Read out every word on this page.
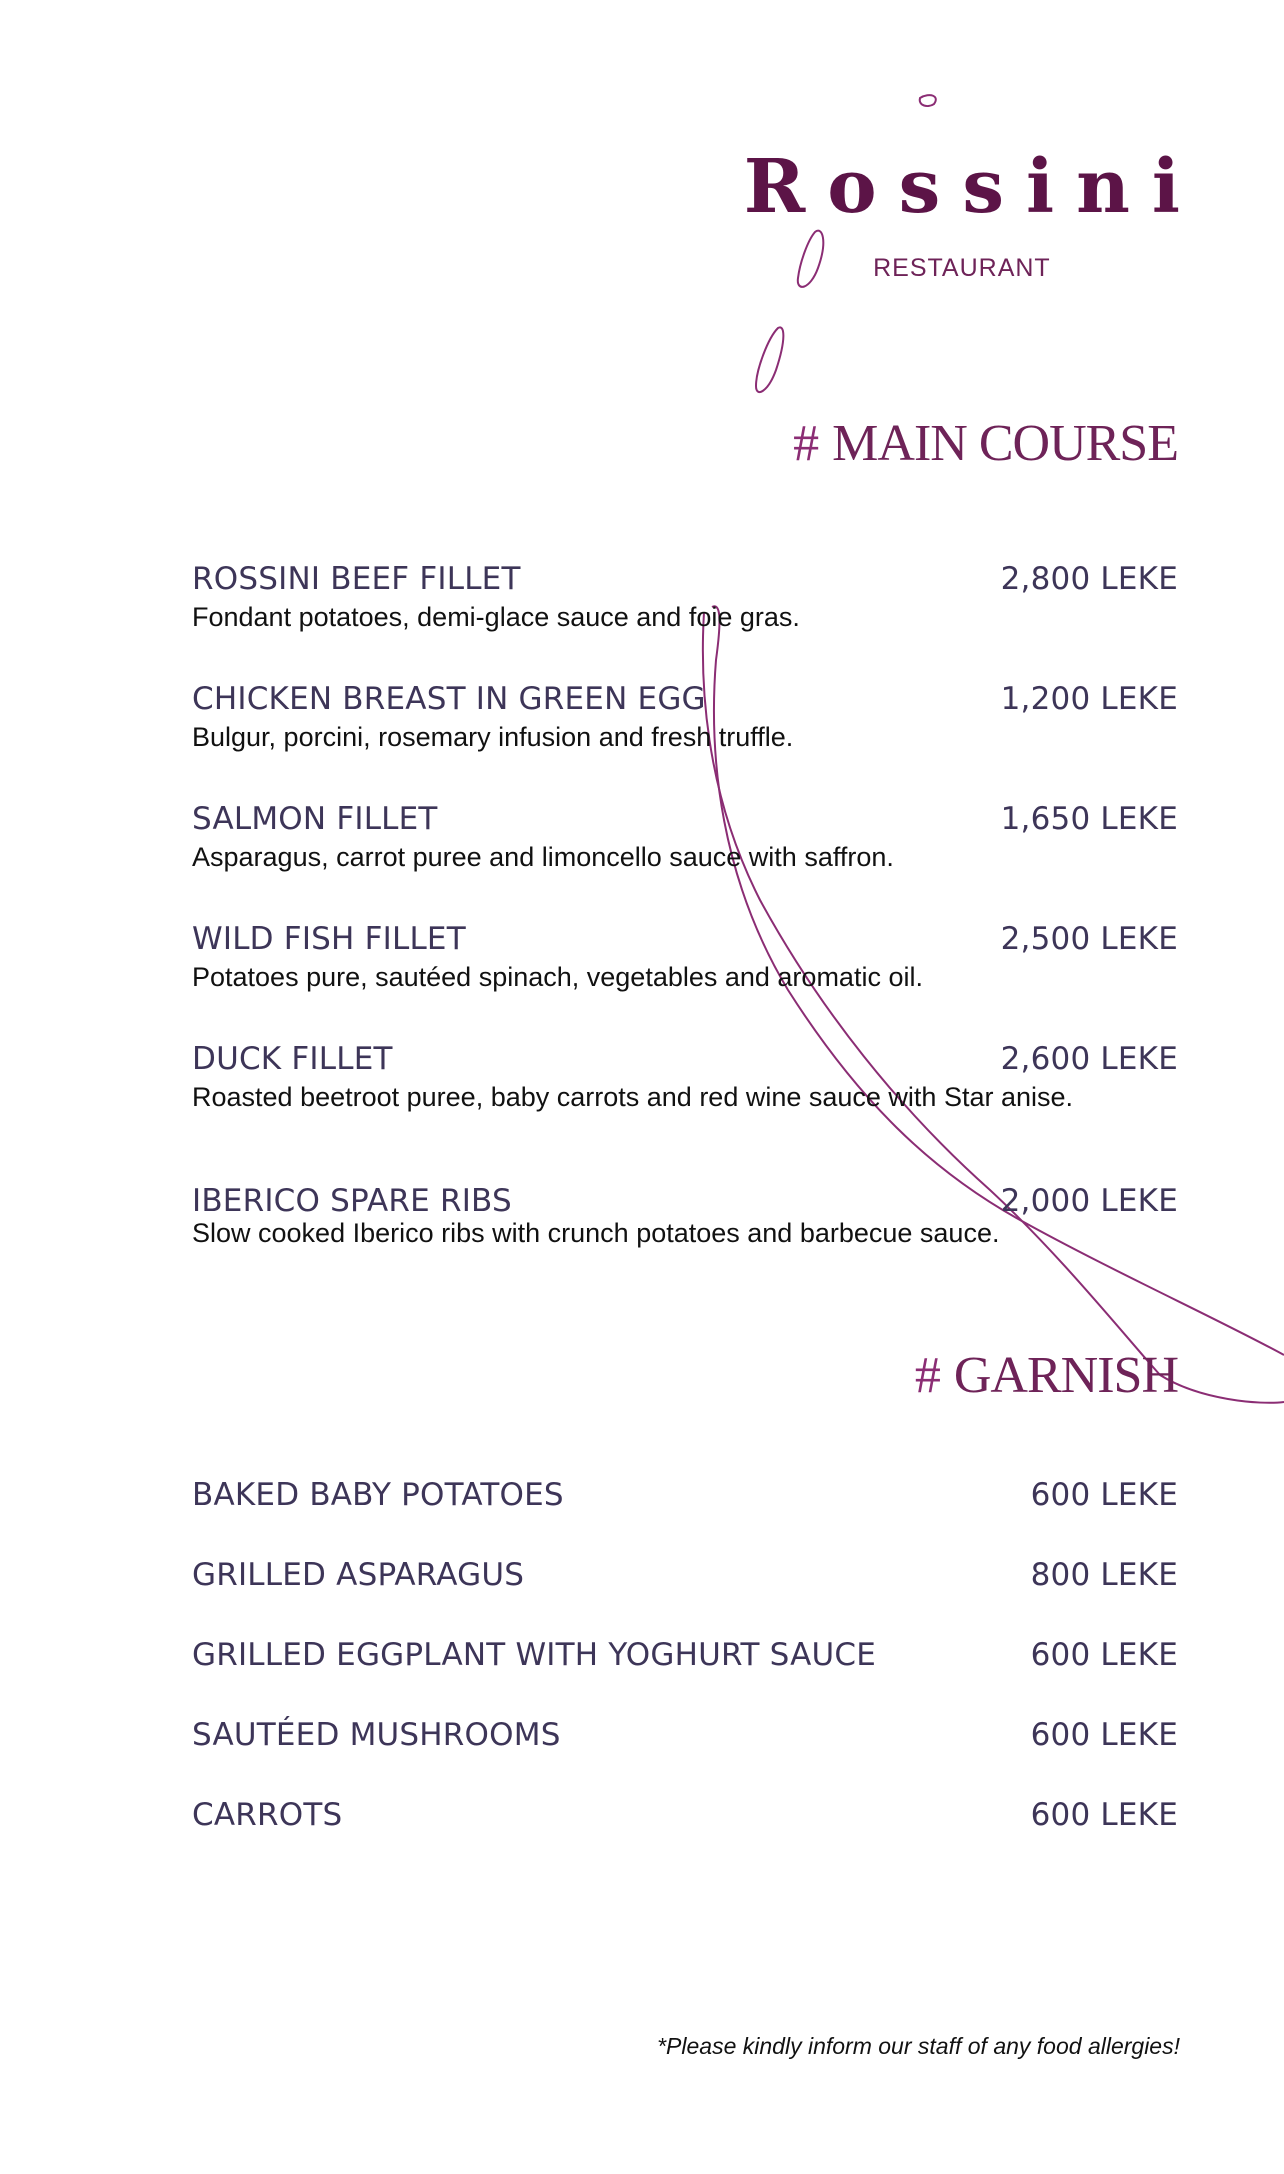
Rossini
RESTAURANT
# MAIN COURSE
ROSSINI BEEF FILLET	2,800 LEKE
Fondant potatoes, demi-glace sauce and foie gras.
CHICKEN BREAST IN GREEN EGG	1,200 LEKE
Bulgur, porcini, rosemary infusion and fresh truffle.
SALMON FILLET	1,650 LEKE
Asparagus, carrot puree and limoncello sauce with saffron.
WILD FISH FILLET	2,500 LEKE
Potatoes pure, sautéed spinach, vegetables and aromatic oil.
DUCK FILLET	2,600 LEKE
Roasted beetroot puree, baby carrots and red wine sauce with Star anise.
IBERICO SPARE RIBS	2,000 LEKE
Slow cooked Iberico ribs with crunch potatoes and barbecue sauce.
# GARNISH
BAKED BABY POTATOES	600 LEKE
GRILLED ASPARAGUS	800 LEKE
GRILLED EGGPLANT WITH YOGHURT SAUCE	600 LEKE
SAUTÉED MUSHROOMS	600 LEKE
CARROTS	600 LEKE
*Please kindly inform our staff of any food allergies!
